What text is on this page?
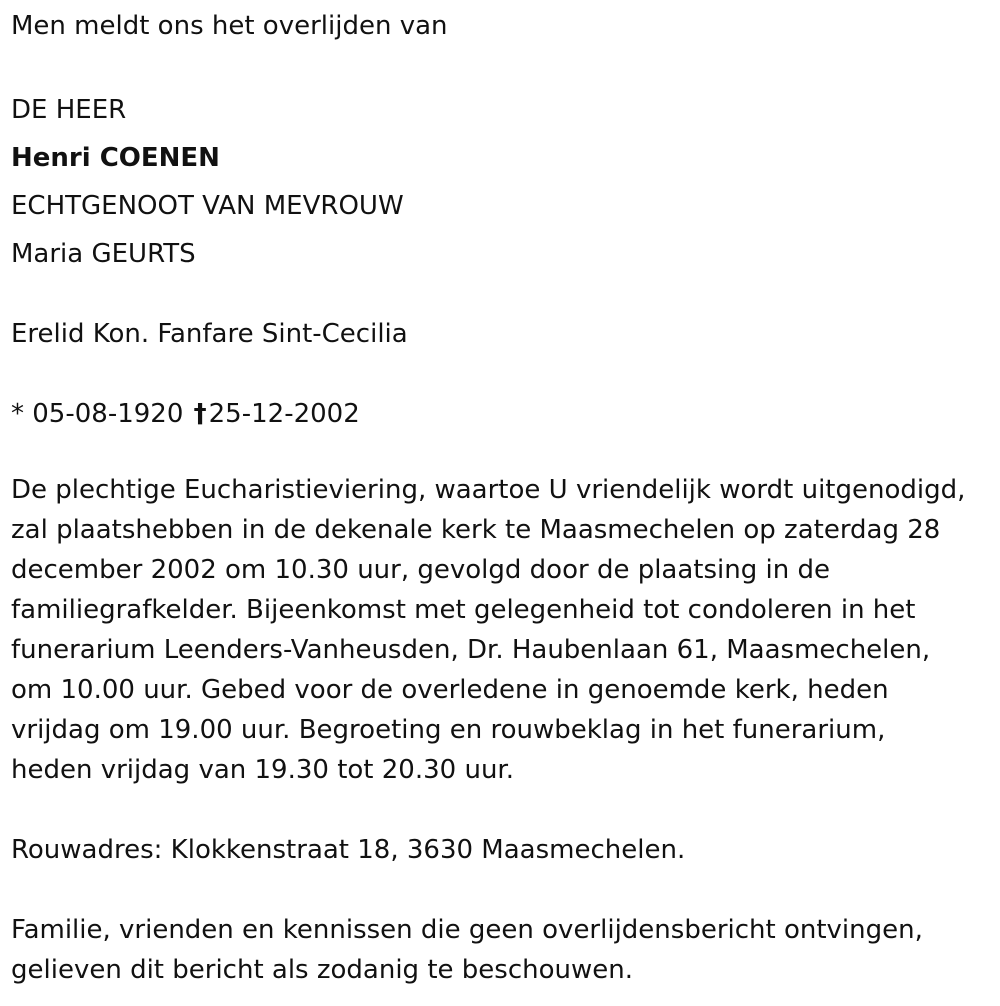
Men meldt ons het overlijden van
DE HEER
Henri COENEN
ECHTGENOOT VAN MEVROUW
Maria GEURTS
Erelid Kon. Fanfare Sint-Cecilia
* 05-08-1920 †25-12-2002
De plechtige Eucharistieviering, waartoe U vriendelijk wordt uitgenodigd,
zal plaatshebben in de dekenale kerk te Maasmechelen op zaterdag 28
december 2002 om 10.30 uur, gevolgd door de plaatsing in de
familiegrafkelder. Bijeenkomst met gelegenheid tot condoleren in het
funerarium Leenders-Vanheusden, Dr. Haubenlaan 61, Maasmechelen,
om 10.00 uur. Gebed voor de overledene in genoemde kerk, heden
vrijdag om 19.00 uur. Begroeting en rouwbeklag in het funerarium,
heden vrijdag van 19.30 tot 20.30 uur.
Rouwadres: Klokkenstraat 18, 3630 Maasmechelen.
Familie, vrienden en kennissen die geen overlijdensbericht ontvingen,
gelieven dit bericht als zodanig te beschouwen.
